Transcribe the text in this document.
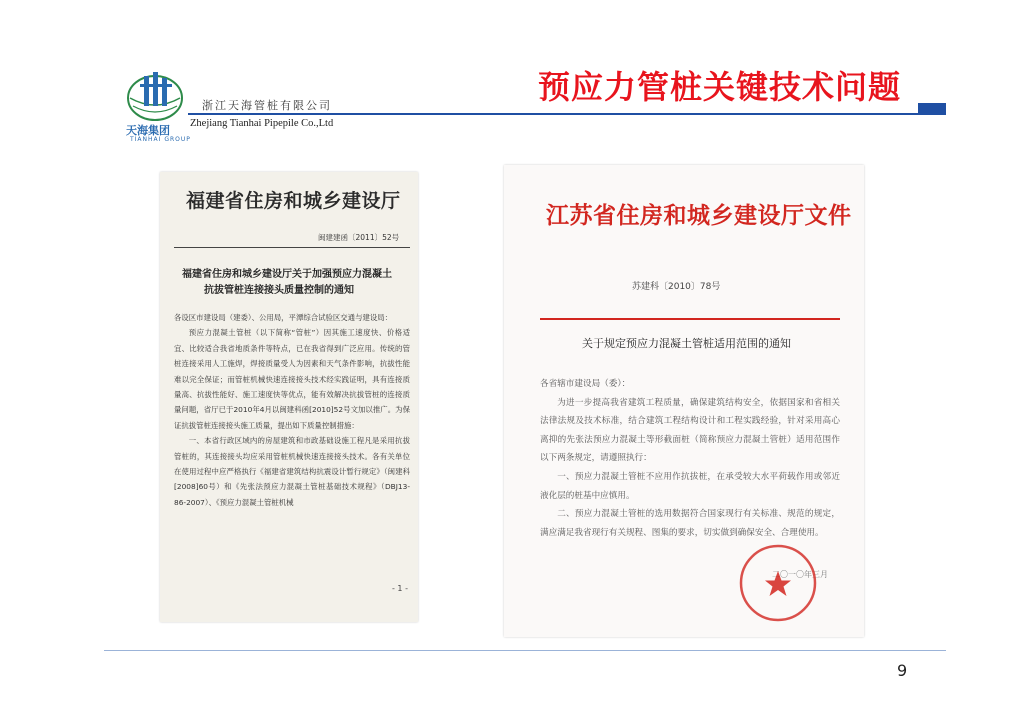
天海集团
TIANHAI GROUP
浙江天海管桩有限公司
Zhejiang Tianhai Pipepile Co.,Ltd
预应力管桩关键技术问题
福建省住房和城乡建设厅
闽建建函〔2011〕52号
福建省住房和城乡建设厅关于加强预应力混凝土
抗拔管桩连接接头质量控制的通知

各设区市建设局（建委）、公用局，平潭综合试验区交通与建设局：

预应力混凝土管桩（以下简称“管桩”）因其施工速度快、价格适宜、比较适合我省地质条件等特点，已在我省得到广泛应用。传统的管桩连接采用人工施焊，焊接质量受人为因素和天气条件影响，抗拔性能难以完全保证；而管桩机械快速连接接头技术经实践证明，具有连接质量高、抗拔性能好、施工速度快等优点，能有效解决抗拔管桩的连接质量问题，省厅已于2010年4月以闽建科函[2010]52号文加以推广。为保证抗拔管桩连接接头施工质量，提出如下质量控制措施：

一、本省行政区域内的房屋建筑和市政基础设施工程凡是采用抗拔管桩的，其连接接头均应采用管桩机械快速连接接头技术。各有关单位在使用过程中应严格执行《福建省建筑结构抗震设计暂行规定》（闽建科[2008]60号）和《先张法预应力混凝土管桩基础技术规程》（DBJ13-86-2007）、《预应力混凝土管桩机械

- 1 -
江苏省住房和城乡建设厅文件
苏建科〔2010〕78号
关于规定预应力混凝土管桩适用范围的通知

各省辖市建设局（委）：

为进一步提高我省建筑工程质量，确保建筑结构安全，依据国家和省相关法律法规及技术标准，结合建筑工程结构设计和工程实践经验，针对采用高心离抑的先张法预应力混凝土等形截面桩（简称预应力混凝土管桩）适用范围作以下两条规定，请遵照执行：

一、预应力混凝土管桩不应用作抗拔桩，在承受较大水平荷载作用或邻近液化层的桩基中应慎用。

二、预应力混凝土管桩的选用数据符合国家现行有关标准、规范的规定，满应满足我省现行有关规程、图集的要求，切实做到确保安全、合理使用。

二〇一〇年三月
9
